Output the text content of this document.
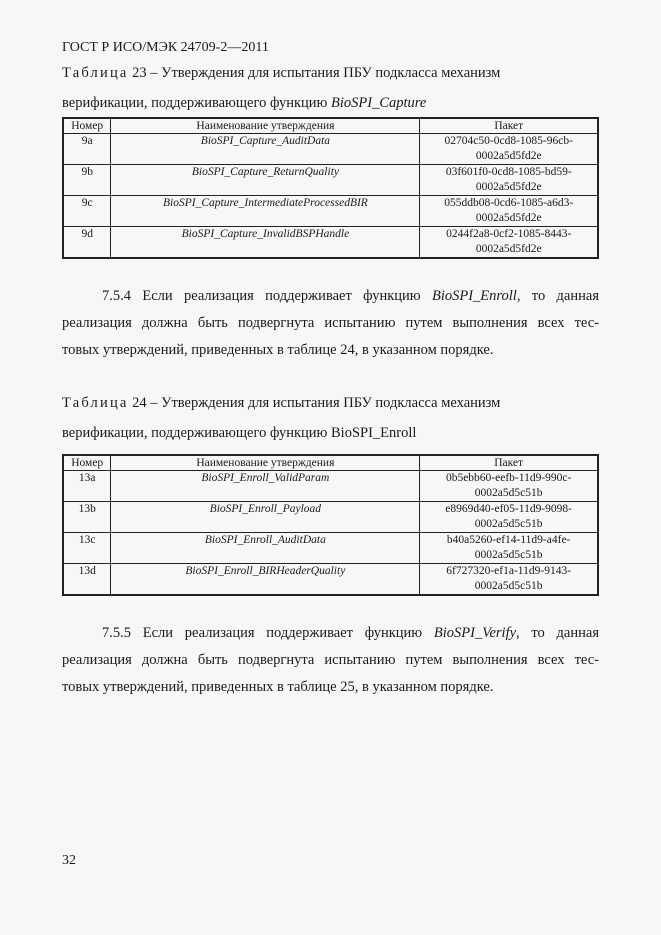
ГОСТ Р ИСО/МЭК 24709-2—2011
Таблица 23 – Утверждения для испытания ПБУ подкласса механизм
верификации, поддерживающего функцию BioSPI_Capture
Номер	Наименование утверждения	Пакет
9a	BioSPI_Capture_AuditData	02704c50-0cd8-1085-96cb-
0002a5d5fd2e
9b	BioSPI_Capture_ReturnQuality	03f601f0-0cd8-1085-bd59-
0002a5d5fd2e
9c	BioSPI_Capture_IntermediateProcessedBIR	055ddb08-0cd6-1085-a6d3-
0002a5d5fd2e
9d	BioSPI_Capture_InvalidBSPHandle	0244f2a8-0cf2-1085-8443-
0002a5d5fd2e
7.5.4 Если реализация поддерживает функцию BioSPI_Enroll, то данная
реализация должна быть подвергнута испытанию путем выполнения всех тес-
товых утверждений, приведенных в таблице 24, в указанном порядке.
Таблица 24 – Утверждения для испытания ПБУ подкласса механизм
верификации, поддерживающего функцию BioSPI_Enroll
Номер	Наименование утверждения	Пакет
13a	BioSPI_Enroll_ValidParam	0b5ebb60-eefb-11d9-990c-
0002a5d5c51b
13b	BioSPI_Enroll_Payload	e8969d40-ef05-11d9-9098-
0002a5d5c51b
13c	BioSPI_Enroll_AuditData	b40a5260-ef14-11d9-a4fe-
0002a5d5c51b
13d	BioSPI_Enroll_BIRHeaderQuality	6f727320-ef1a-11d9-9143-
0002a5d5c51b
7.5.5 Если реализация поддерживает функцию BioSPI_Verify, то данная
реализация должна быть подвергнута испытанию путем выполнения всех тес-
товых утверждений, приведенных в таблице 25, в указанном порядке.
32
